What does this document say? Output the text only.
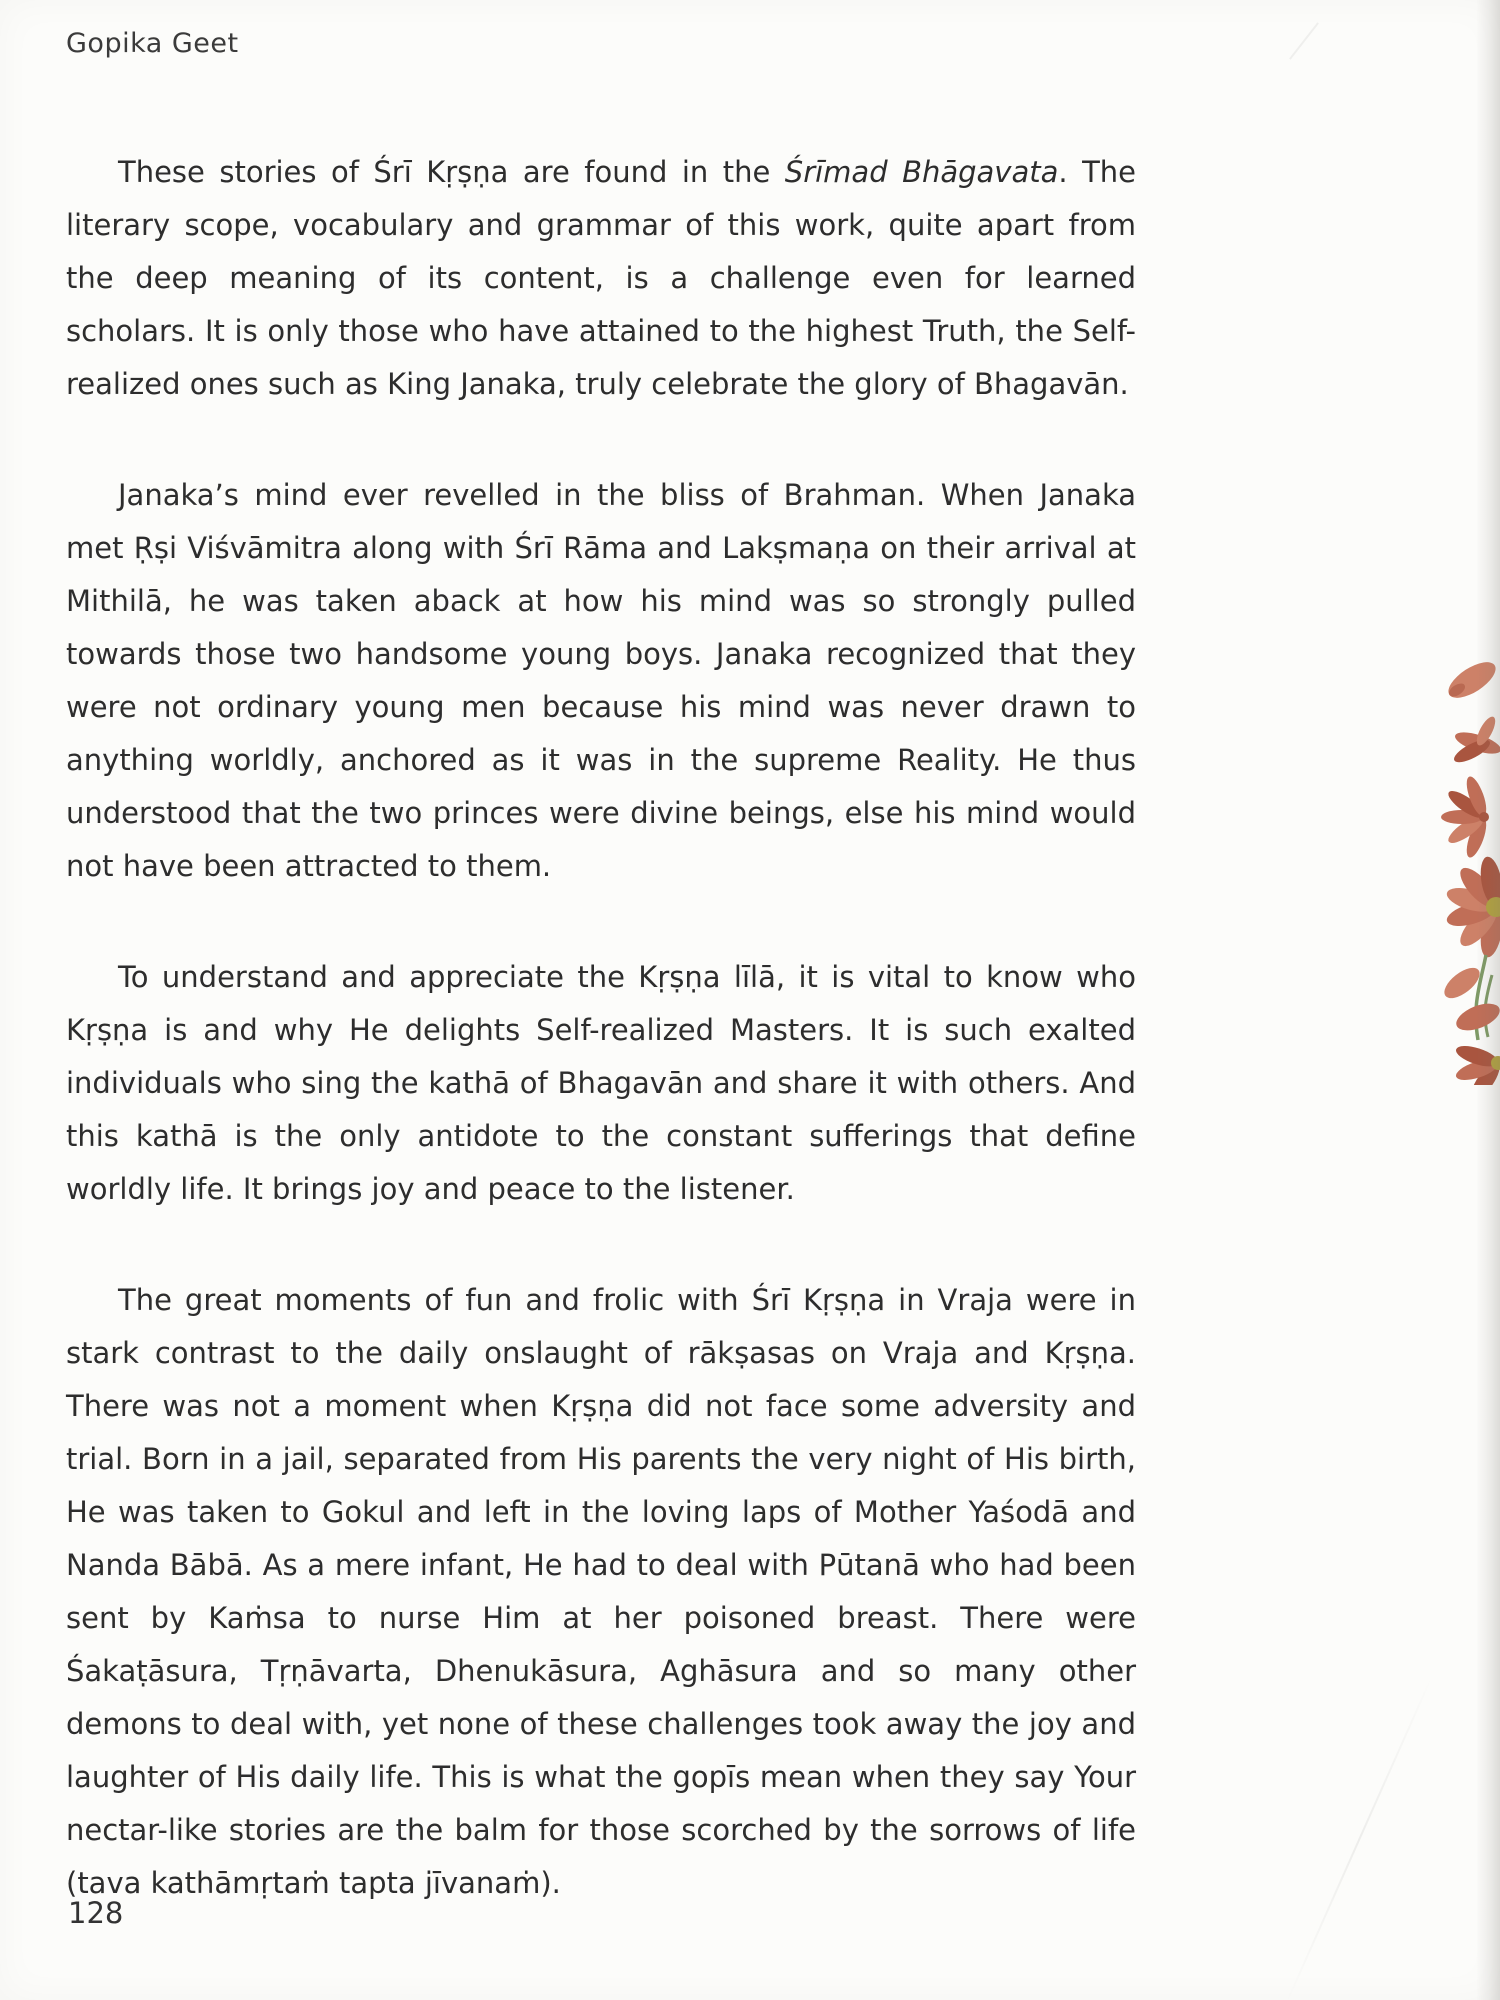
Gopika Geet

These stories of Śrī Kṛṣṇa are found in the Śrīmad Bhāgavata. The literary scope, vocabulary and grammar of this work, quite apart from the deep meaning of its content, is a challenge even for learned scholars. It is only those who have attained to the highest Truth, the Self-realized ones such as King Janaka, truly celebrate the glory of Bhagavān.

Janaka’s mind ever revelled in the bliss of Brahman. When Janaka met Ṛṣi Viśvāmitra along with Śrī Rāma and Lakṣmaṇa on their arrival at Mithilā, he was taken aback at how his mind was so strongly pulled towards those two handsome young boys. Janaka recognized that they were not ordinary young men because his mind was never drawn to anything worldly, anchored as it was in the supreme Reality. He thus understood that the two princes were divine beings, else his mind would not have been attracted to them.

To understand and appreciate the Kṛṣṇa līlā, it is vital to know who Kṛṣṇa is and why He delights Self-realized Masters. It is such exalted individuals who sing the kathā of Bhagavān and share it with others. And this kathā is the only antidote to the constant sufferings that define worldly life. It brings joy and peace to the listener.

The great moments of fun and frolic with Śrī Kṛṣṇa in Vraja were in stark contrast to the daily onslaught of rākṣasas on Vraja and Kṛṣṇa. There was not a moment when Kṛṣṇa did not face some adversity and trial. Born in a jail, separated from His parents the very night of His birth, He was taken to Gokul and left in the loving laps of Mother Yaśodā and Nanda Bābā. As a mere infant, He had to deal with Pūtanā who had been sent by Kaṁsa to nurse Him at her poisoned breast. There were Śakaṭāsura, Tṛṇāvarta, Dhenukāsura, Aghāsura and so many other demons to deal with, yet none of these challenges took away the joy and laughter of His daily life. This is what the gopīs mean when they say Your nectar-like stories are the balm for those scorched by the sorrows of life (tava kathāmṛtaṁ tapta jīvanaṁ).

128
